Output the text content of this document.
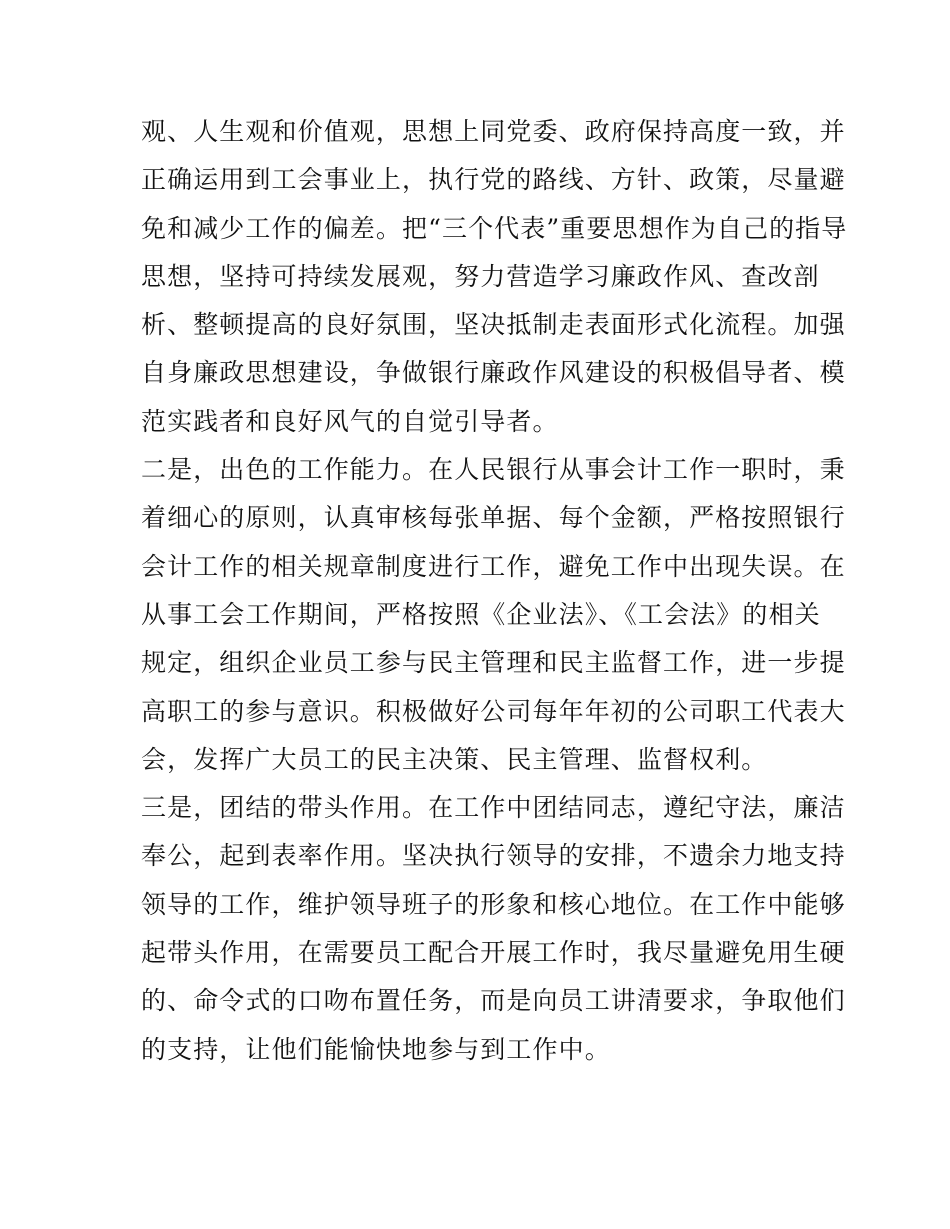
观、人生观和价值观，思想上同党委、政府保持高度一致，并
正确运用到工会事业上，执行党的路线、方针、政策，尽量避
免和减少工作的偏差。把“三个代表”重要思想作为自己的指导
思想，坚持可持续发展观，努力营造学习廉政作风、查改剖
析、整顿提高的良好氛围，坚决抵制走表面形式化流程。加强
自身廉政思想建设，争做银行廉政作风建设的积极倡导者、模
范实践者和良好风气的自觉引导者。
二是，出色的工作能力。在人民银行从事会计工作一职时，秉
着细心的原则，认真审核每张单据、每个金额，严格按照银行
会计工作的相关规章制度进行工作，避免工作中出现失误。在
从事工会工作期间，严格按照《企业法》、《工会法》的相关
规定，组织企业员工参与民主管理和民主监督工作，进一步提
高职工的参与意识。积极做好公司每年年初的公司职工代表大
会，发挥广大员工的民主决策、民主管理、监督权利。
三是，团结的带头作用。在工作中团结同志，遵纪守法，廉洁
奉公，起到表率作用。坚决执行领导的安排，不遗余力地支持
领导的工作，维护领导班子的形象和核心地位。在工作中能够
起带头作用，在需要员工配合开展工作时，我尽量避免用生硬
的、命令式的口吻布置任务，而是向员工讲清要求，争取他们
的支持，让他们能愉快地参与到工作中。
